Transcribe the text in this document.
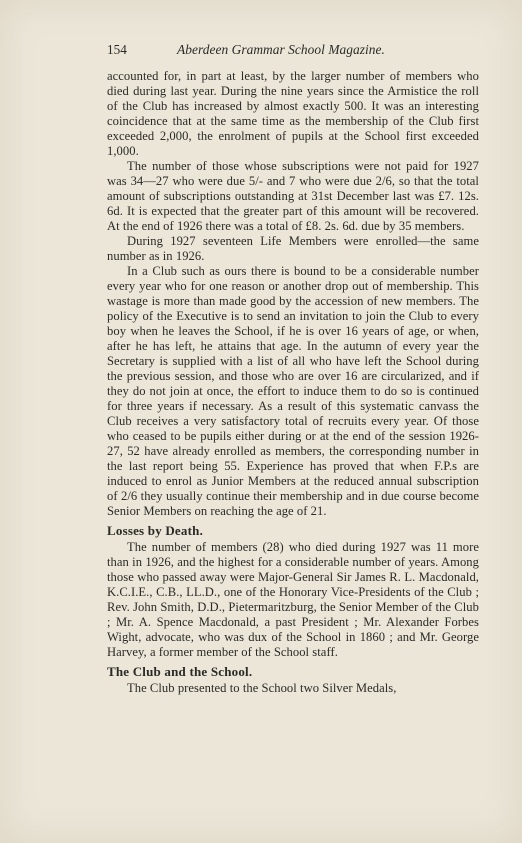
154	Aberdeen Grammar School Magazine.

accounted for, in part at least, by the larger number of members who died during last year. During the nine years since the Armistice the roll of the Club has increased by almost exactly 500. It was an interesting coincidence that at the same time as the membership of the Club first exceeded 2,000, the enrolment of pupils at the School first exceeded 1,000.

The number of those whose subscriptions were not paid for 1927 was 34—27 who were due 5/- and 7 who were due 2/6, so that the total amount of subscriptions outstanding at 31st December last was £7. 12s. 6d. It is expected that the greater part of this amount will be recovered. At the end of 1926 there was a total of £8. 2s. 6d. due by 35 members.

During 1927 seventeen Life Members were enrolled—the same number as in 1926.

In a Club such as ours there is bound to be a considerable number every year who for one reason or another drop out of membership. This wastage is more than made good by the accession of new members. The policy of the Executive is to send an invitation to join the Club to every boy when he leaves the School, if he is over 16 years of age, or when, after he has left, he attains that age. In the autumn of every year the Secretary is supplied with a list of all who have left the School during the previous session, and those who are over 16 are circularized, and if they do not join at once, the effort to induce them to do so is continued for three years if necessary. As a result of this systematic canvass the Club receives a very satisfactory total of recruits every year. Of those who ceased to be pupils either during or at the end of the session 1926-27, 52 have already enrolled as members, the corresponding number in the last report being 55. Experience has proved that when F.P.s are induced to enrol as Junior Members at the reduced annual subscription of 2/6 they usually continue their membership and in due course become Senior Members on reaching the age of 21.

Losses by Death.

The number of members (28) who died during 1927 was 11 more than in 1926, and the highest for a considerable number of years. Among those who passed away were Major-General Sir James R. L. Macdonald, K.C.I.E., C.B., LL.D., one of the Honorary Vice-Presidents of the Club ; Rev. John Smith, D.D., Pietermaritzburg, the Senior Member of the Club ; Mr. A. Spence Macdonald, a past President ; Mr. Alexander Forbes Wight, advocate, who was dux of the School in 1860 ; and Mr. George Harvey, a former member of the School staff.

The Club and the School.

The Club presented to the School two Silver Medals,
